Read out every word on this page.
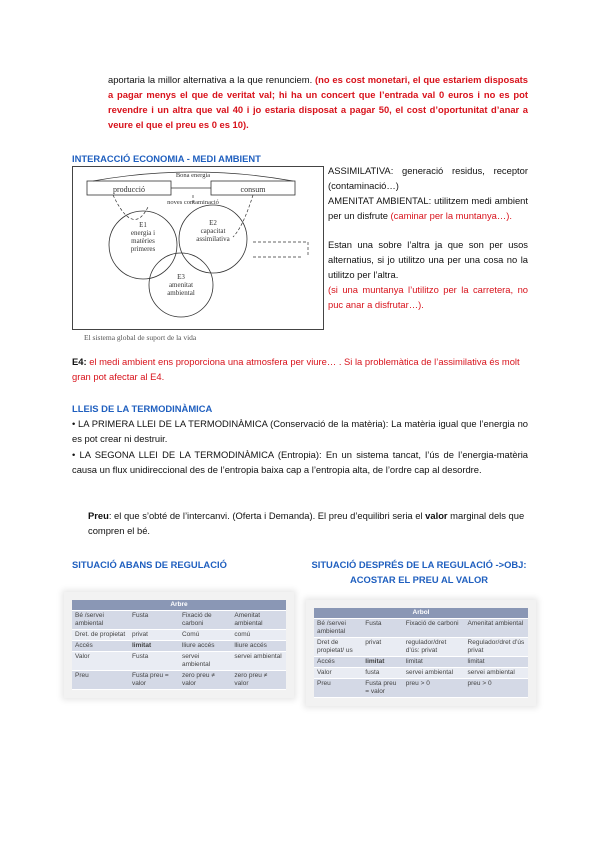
aportaria la millor alternativa a la que renunciem. (no es cost monetari, el que estariem disposats a pagar menys el que de veritat val; hi ha un concert que l’entrada val 0 euros i no es pot revendre i un altra que val 40 i jo estaria disposat a pagar 50, el cost d’oportunitat d’anar a veure el que el preu es 0 es 10).

INTERACCIÓ ECONOMIA - MEDI AMBIENT
Bona energia
producció	consum
noves contaminació
E1
energia i
matèries
primeres
E2
capacitat
assimilativa
E3
amenitat
ambiental
El sistema global de suport de la vida

ASSIMILATIVA: generació residus, receptor (contaminació…)

AMENITAT AMBIENTAL: utilitzem medi ambient per un disfrute (caminar per la muntanya…).

Estan una sobre l’altra ja que son per usos alternatius, si jo utilitzo una per una cosa no la utilitzo per l’altra.

(si una muntanya l’utilitzo per la carretera, no puc anar a disfrutar…).

E4: el medi ambient ens proporciona una atmosfera per viure… . Si la problemàtica de l’assimilativa és molt gran pot afectar al E4.

LLEIS DE LA TERMODINÀMICA

• LA PRIMERA LLEI DE LA TERMODINÀMICA (Conservació de la matèria): La matèria igual que l’energia no es pot crear ni destruir.

• LA SEGONA LLEI DE LA TERMODINÀMICA (Entropia): En un sistema tancat, l’ús de l’energia-matèria causa un flux unidireccional des de l’entropia baixa cap a l’entropia alta, de l’ordre cap al desordre.

Preu: el que s’obté de l’intercanvi. (Oferta i Demanda). El preu d’equilibri seria el valor marginal dels que compren el bé.

SITUACIÓ ABANS DE REGULACIÓ	SITUACIÓ DESPRÉS DE LA REGULACIÓ ->OBJ:
ACOSTAR EL PREU AL VALOR
Arbre			
Bé /servei ambiental	Fusta	Fixació de carboni	Amenitat ambiental
Dret. de propietat	privat	Comú	comú
Accés	limitat	lliure accés	lliure accés
Valor	Fusta	servei ambiental	servei ambiental
Preu	Fusta preu = valor	zero preu ≠ valor	zero preu ≠ valor
Arbol			
Bé /servei ambiental	Fusta	Fixació de carboni	Amenitat ambiental
Dret de propietat/ us	privat	regulador/dret d’ús: privat	Regulador/dret d’ús privat
Accés	limitat	limitat	limitat
Valor	fusta	servei ambiental	servei ambiental
Preu	Fusta preu = valor	preu > 0	preu > 0
